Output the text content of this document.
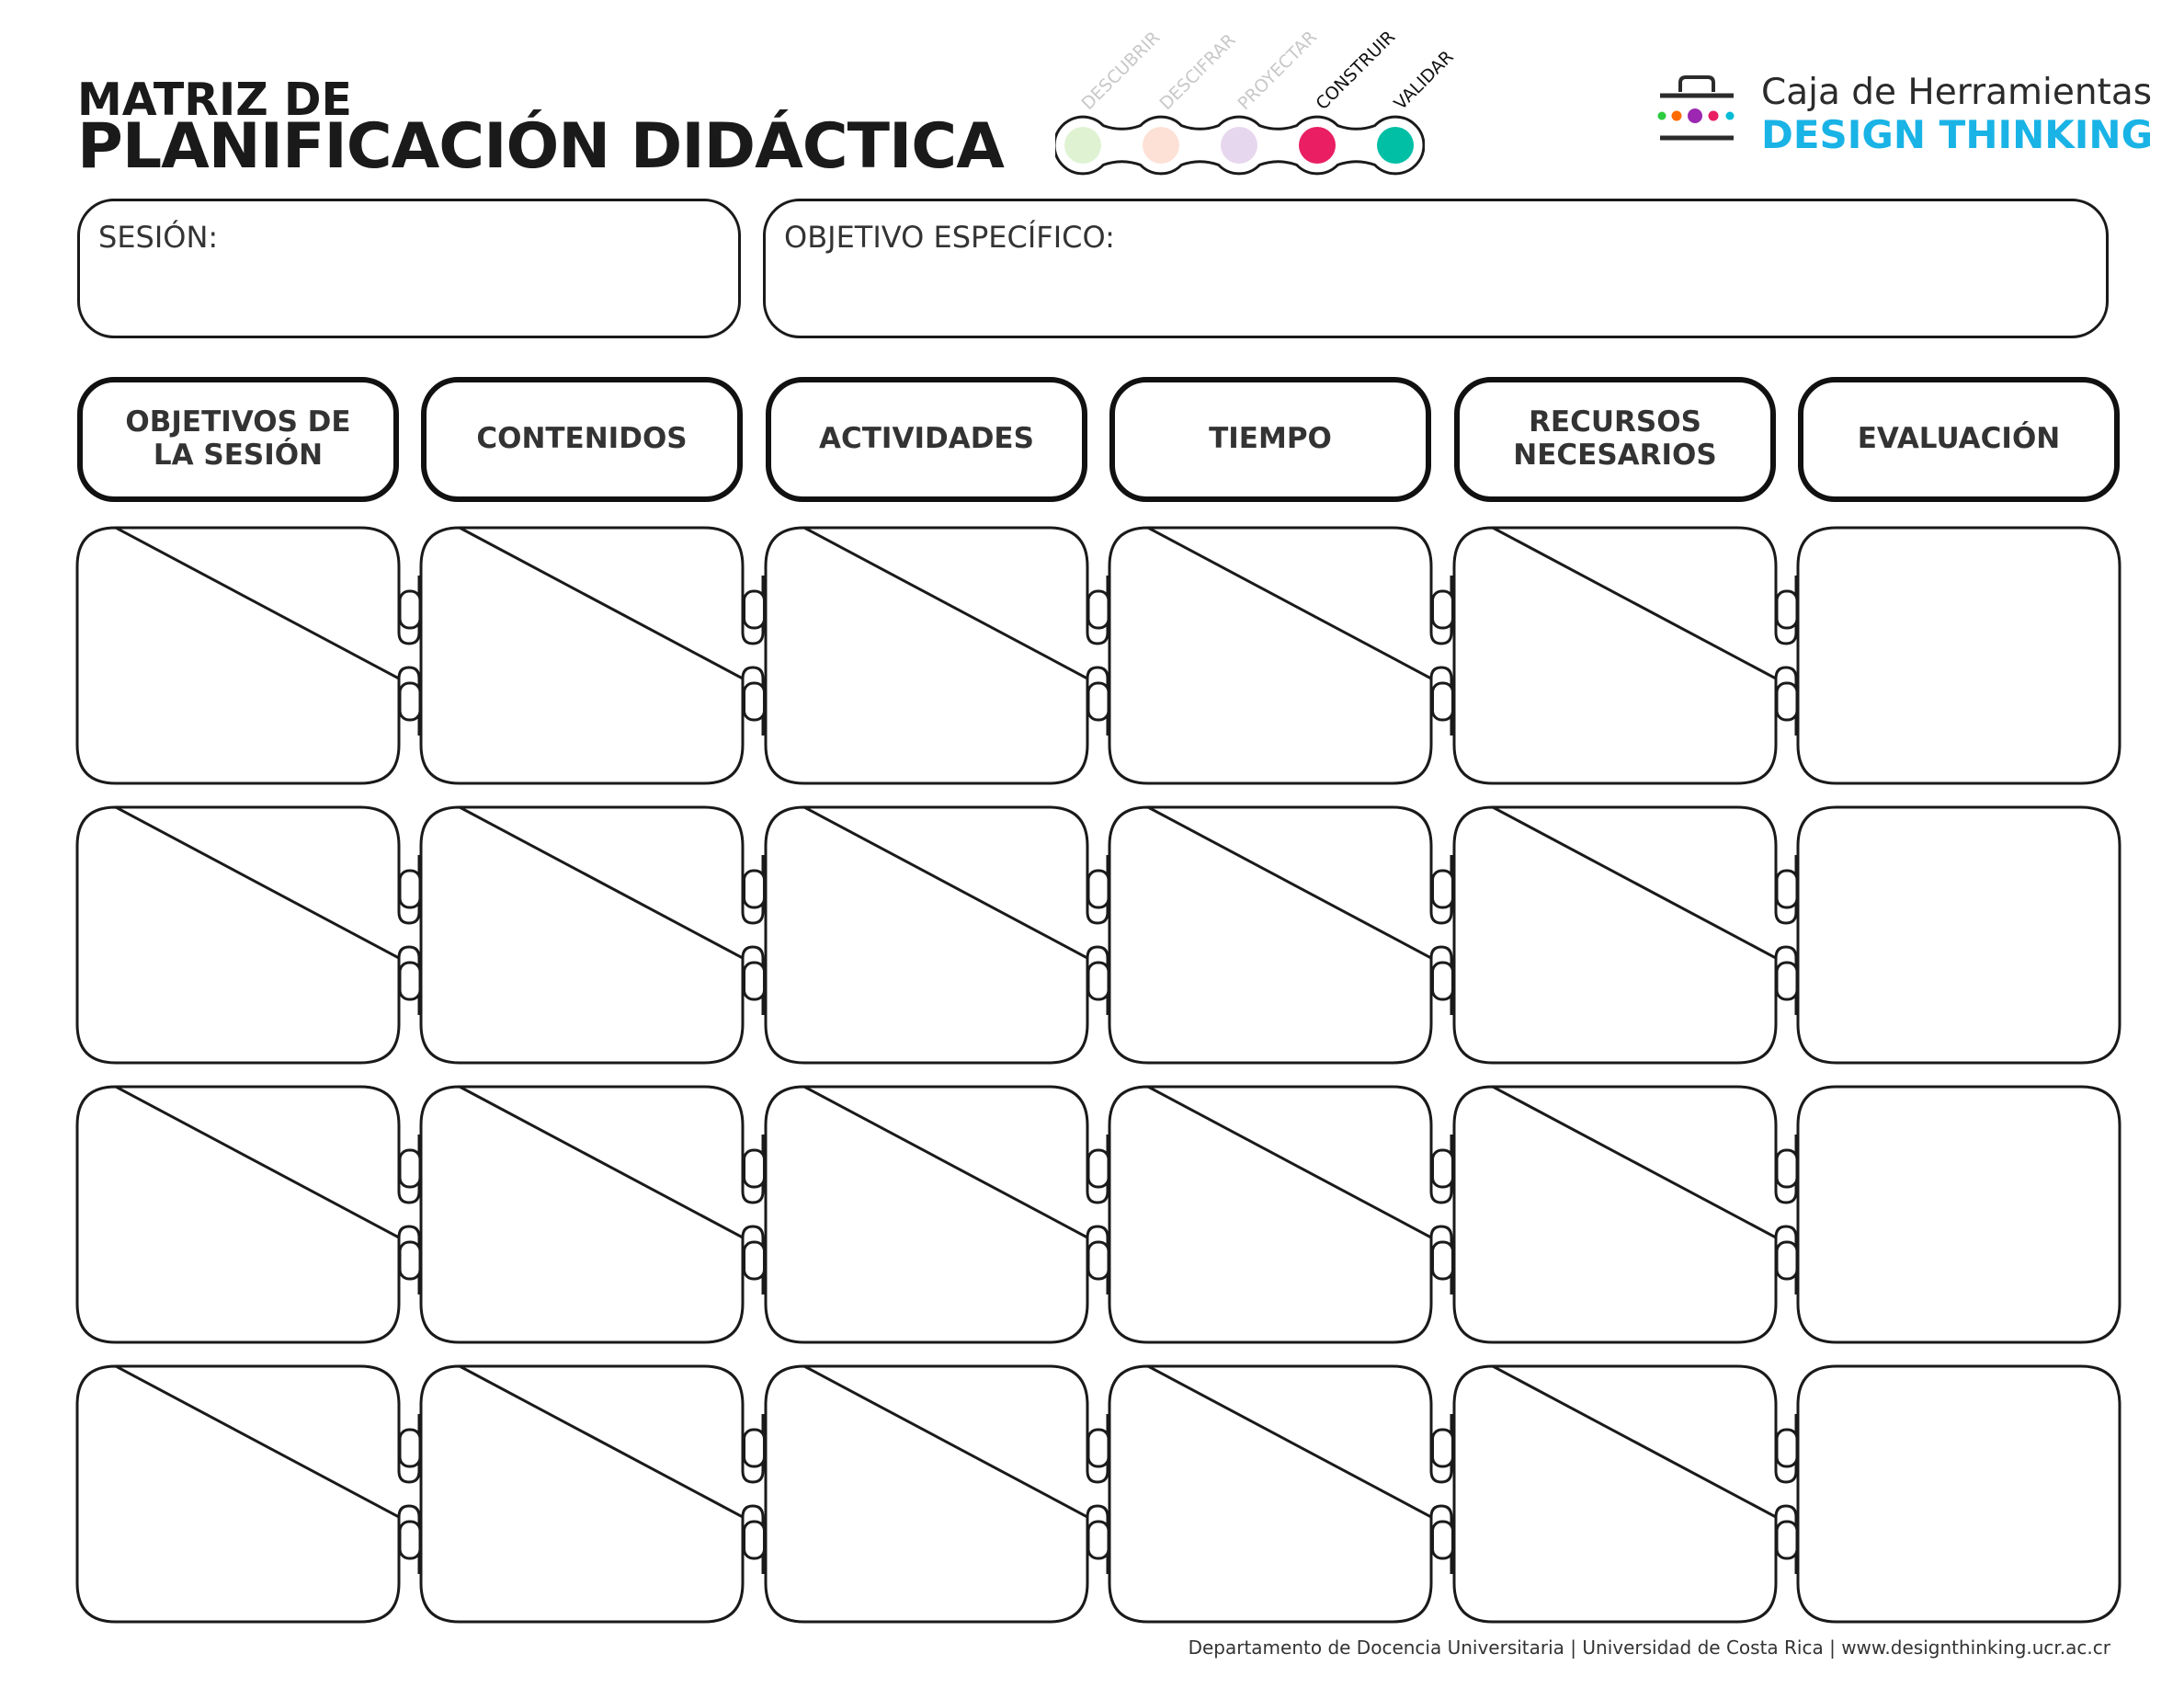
MATRIZ DE
PLANIFICACIÓN DIDÁCTICA
DESCUBRIR
DESCIFRAR
PROYECTAR
CONSTRUIR
VALIDAR	Caja de Herramientas
DESIGN THINKING
SESIÓN:	OBJETIVO ESPECÍFICO:
OBJETIVOS DE LA SESIÓN	CONTENIDOS	ACTIVIDADES	TIEMPO	RECURSOS NECESARIOS	EVALUACIÓN
Departamento de Docencia Universitaria | Universidad de Costa Rica | www.designthinking.ucr.ac.cr
